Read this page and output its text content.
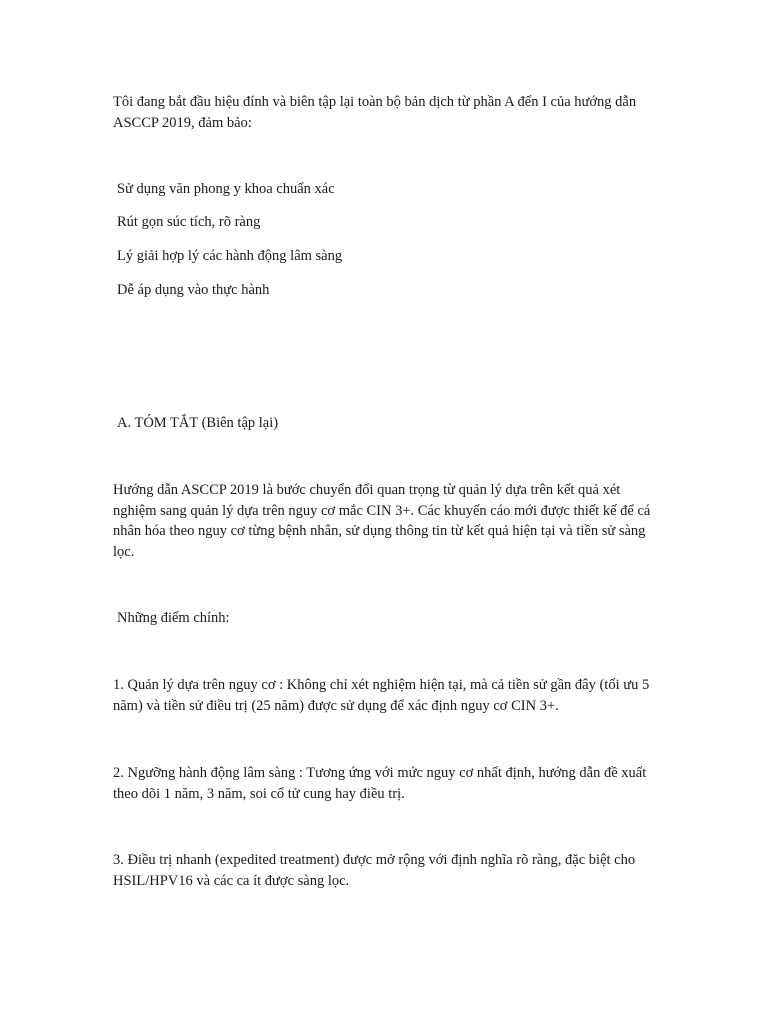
Tôi đang bắt đầu hiệu đính và biên tập lại toàn bộ bản dịch từ phần A đến I của hướng dẫn ASCCP 2019, đảm bảo:

Sử dụng văn phong y khoa chuẩn xác

Rút gọn súc tích, rõ ràng

Lý giải hợp lý các hành động lâm sàng

Dễ áp dụng vào thực hành

A. TÓM TẮT (Biên tập lại)

Hướng dẫn ASCCP 2019 là bước chuyển đổi quan trọng từ quản lý dựa trên kết quả xét nghiệm sang quản lý dựa trên nguy cơ mắc CIN 3+. Các khuyến cáo mới được thiết kế để cá nhân hóa theo nguy cơ từng bệnh nhân, sử dụng thông tin từ kết quả hiện tại và tiền sử sàng lọc.

Những điểm chính:

1. Quản lý dựa trên nguy cơ : Không chỉ xét nghiệm hiện tại, mà cả tiền sử gần đây (tối ưu 5 năm) và tiền sử điều trị (25 năm) được sử dụng để xác định nguy cơ CIN 3+.

2. Ngưỡng hành động lâm sàng : Tương ứng với mức nguy cơ nhất định, hướng dẫn đề xuất theo dõi 1 năm, 3 năm, soi cổ tử cung hay điều trị.

3. Điều trị nhanh (expedited treatment) được mở rộng với định nghĩa rõ ràng, đặc biệt cho HSIL/HPV16 và các ca ít được sàng lọc.
